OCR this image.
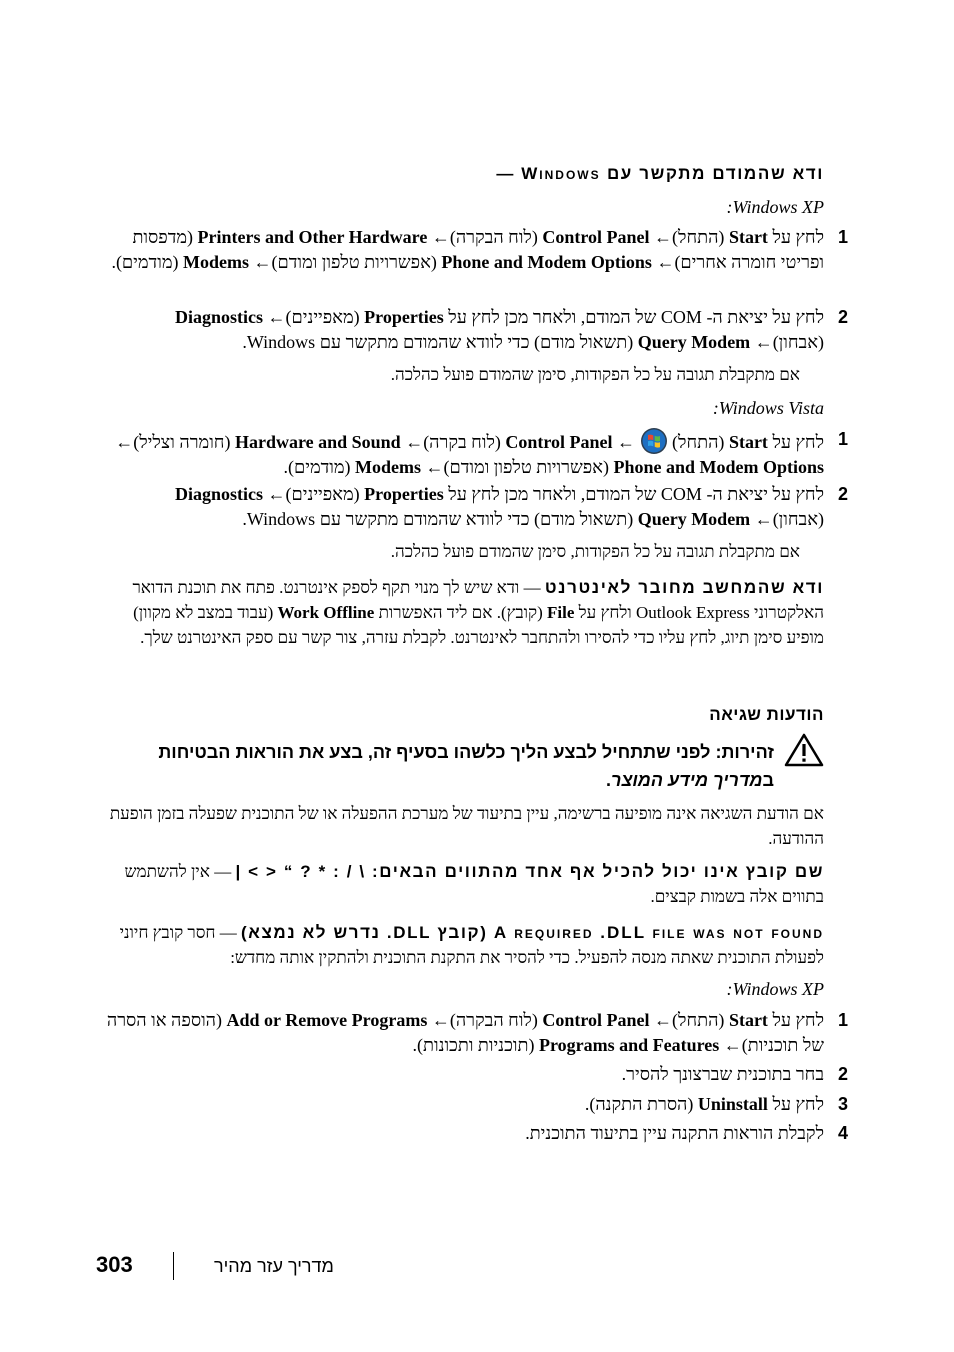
ודא שהמודם מתקשר עם Windows —
:Windows XP
1
לחץ על Start (התחל)← Control Panel (לוח הבקרה)← Printers and Other Hardware (מדפסות ופריטי חומרה אחרים)← Phone and Modem Options (אפשרויות טלפון ומודם)← Modems (מודמים).
2
לחץ על יציאת ה- COM של המודם, ולאחר מכן לחץ על Properties (מאפיינים)← Diagnostics (אבחון)← Query Modem (תשאול מודם) כדי לוודא שהמודם מתקשר עם Windows.
אם מתקבלת תגובה על כל הפקודות, סימן שהמודם פועל כהלכה.
:Windows Vista
1
לחץ על Start (התחל)  ← Control Panel (לוח בקרה)← Hardware and Sound (חומרה וצליל)← Phone and Modem Options (אפשרויות טלפון ומודם)← Modems (מודמים).
2
לחץ על יציאת ה- COM של המודם, ולאחר מכן לחץ על Properties (מאפיינים)← Diagnostics (אבחון)← Query Modem (תשאול מודם) כדי לוודא שהמודם מתקשר עם Windows.
אם מתקבלת תגובה על כל הפקודות, סימן שהמודם פועל כהלכה.
ודא שהמחשב מחובר לאינטרנט — ודא שיש לך מנוי תקף לספק אינטרנט. פתח את תוכנת הדואר האלקטרוני Outlook Express ולחץ על File (קובץ). אם ליד האפשרות Work Offline (עבוד במצב לא מקוון) מופיע סימן תיוג, לחץ עליו כדי להסירו ולהתחבר לאינטרנט. לקבלת עזרה, צור קשר עם ספק האינטרנט שלך.
הודעות שגיאה
זהירות: לפני שתתחיל לבצע הליך כלשהו בסעיף זה, בצע את הוראות הבטיחות במדריך מידע המוצר.
אם הודעת השגיאה אינה מופיעה ברשימה, עיין בתיעוד של מערכת ההפעלה או של התוכנית שפעלה בזמן הופעת ההודעה.
שם קובץ אינו יכול להכיל אף אחד מהתווים הבאים: \ / : * ? “ < > | — אין להשתמש בתווים אלה בשמות קבצים.
A required .DLL file was not found (קובץ DLL. נדרש לא נמצא) — חסר קובץ חיוני לפעולת התוכנית שאתה מנסה להפעיל. כדי להסיר את התקנת התוכנית ולהתקין אותה מחדש:
:Windows XP
1
לחץ על Start (התחל)← Control Panel (לוח הבקרה)← Add or Remove Programs (הוספה או הסרה של תוכניות)← Programs and Features (תוכניות ותכונות).
2
בחר בתוכנית שברצונך להסיר.
3
לחץ על Uninstall (הסרת התקנה).
4
לקבלת הוראות התקנה עיין בתיעוד התוכנית.
303	מדריך עזר מהיר
